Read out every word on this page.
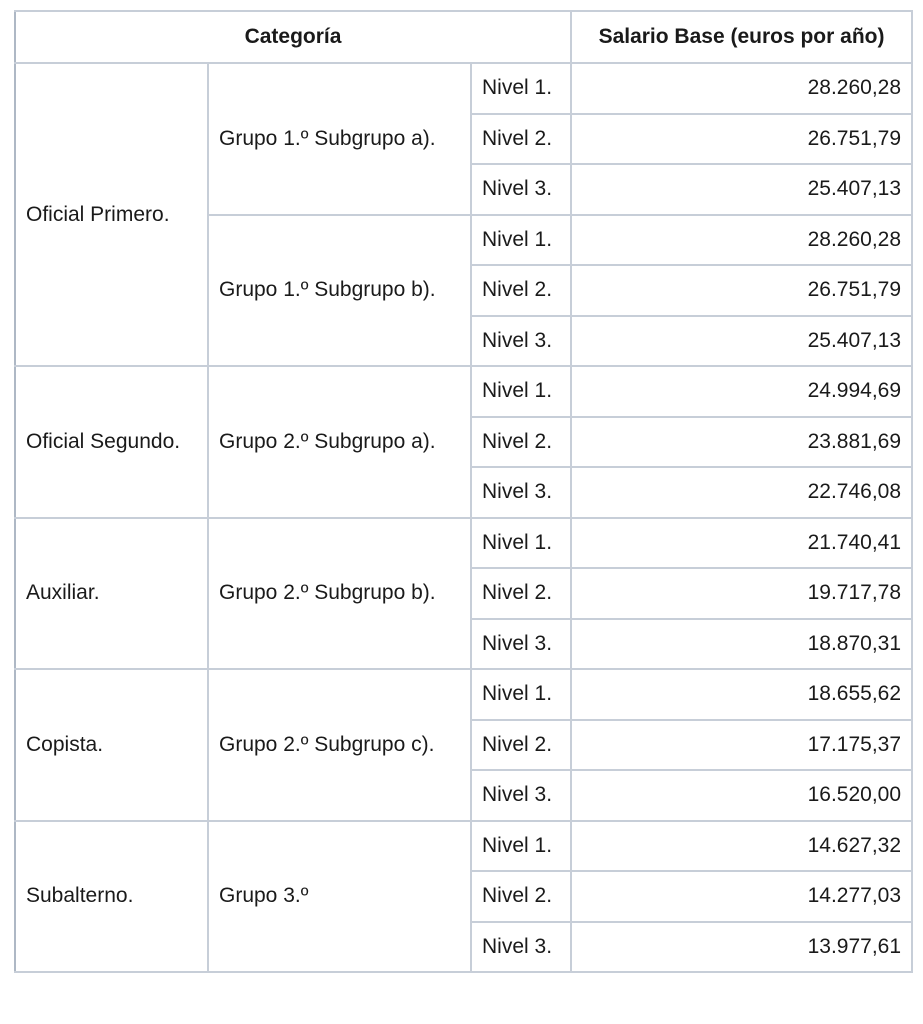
Categoría			Salario Base (euros por año)
Oficial Primero.	Grupo 1.º Subgrupo a).	Nivel 1.	28.260,28
		Nivel 2.	26.751,79
		Nivel 3.	25.407,13
	Grupo 1.º Subgrupo b).	Nivel 1.	28.260,28
		Nivel 2.	26.751,79
		Nivel 3.	25.407,13
Oficial Segundo.	Grupo 2.º Subgrupo a).	Nivel 1.	24.994,69
		Nivel 2.	23.881,69
		Nivel 3.	22.746,08
Auxiliar.	Grupo 2.º Subgrupo b).	Nivel 1.	21.740,41
		Nivel 2.	19.717,78
		Nivel 3.	18.870,31
Copista.	Grupo 2.º Subgrupo c).	Nivel 1.	18.655,62
		Nivel 2.	17.175,37
		Nivel 3.	16.520,00
Subalterno.	Grupo 3.º	Nivel 1.	14.627,32
		Nivel 2.	14.277,03
		Nivel 3.	13.977,61
